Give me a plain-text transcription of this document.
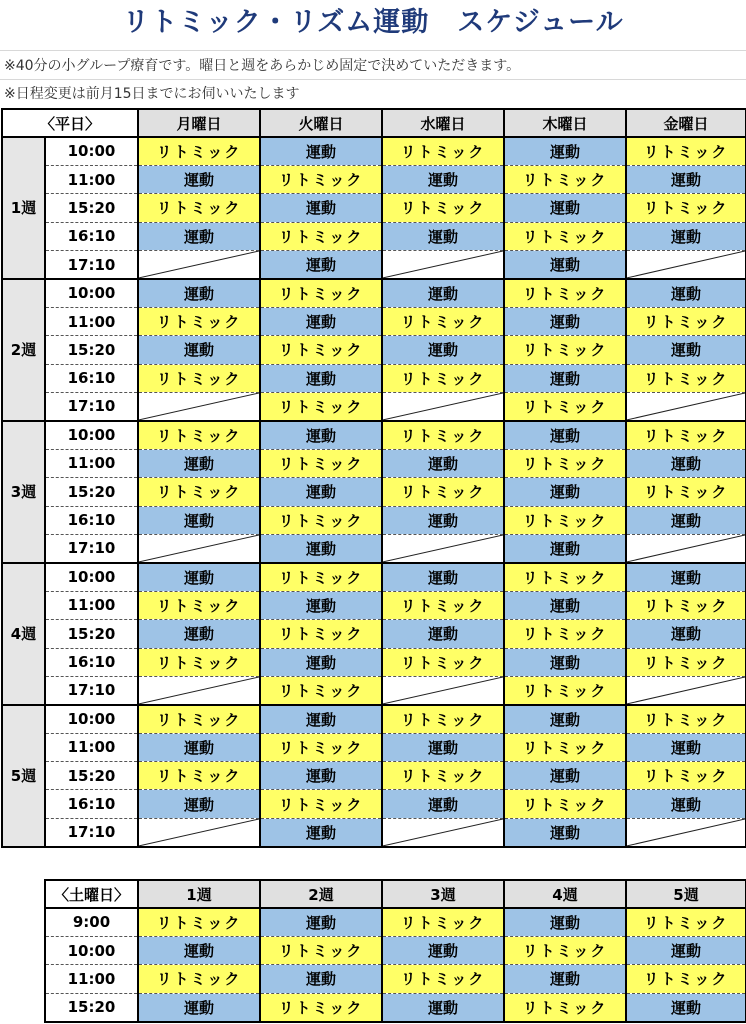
リトミック・リズム運動　スケジュール
※40分の小グループ療育です。曜日と週をあらかじめ固定で決めていただきます。
※日程変更は前月15日までにお伺いいたします
〈平日〉		月曜日	火曜日	水曜日	木曜日	金曜日
1週	10:00	リトミック	運動	リトミック	運動	リトミック
	11:00	運動	リトミック	運動	リトミック	運動
	15:20	リトミック	運動	リトミック	運動	リトミック
	16:10	運動	リトミック	運動	リトミック	運動
	17:10		運動		運動	

2週	10:00	運動	リトミック	運動	リトミック	運動
	11:00	リトミック	運動	リトミック	運動	リトミック
	15:20	運動	リトミック	運動	リトミック	運動
	16:10	リトミック	運動	リトミック	運動	リトミック
	17:10		リトミック		リトミック	

3週	10:00	リトミック	運動	リトミック	運動	リトミック
	11:00	運動	リトミック	運動	リトミック	運動
	15:20	リトミック	運動	リトミック	運動	リトミック
	16:10	運動	リトミック	運動	リトミック	運動
	17:10		運動		運動	

4週	10:00	運動	リトミック	運動	リトミック	運動
	11:00	リトミック	運動	リトミック	運動	リトミック
	15:20	運動	リトミック	運動	リトミック	運動
	16:10	リトミック	運動	リトミック	運動	リトミック
	17:10		リトミック		リトミック	

5週	10:00	リトミック	運動	リトミック	運動	リトミック
	11:00	運動	リトミック	運動	リトミック	運動
	15:20	リトミック	運動	リトミック	運動	リトミック
	16:10	運動	リトミック	運動	リトミック	運動
	17:10		運動		運動	
〈土曜日〉	1週	2週	3週	4週	5週
9:00	リトミック	運動	リトミック	運動	リトミック
10:00	運動	リトミック	運動	リトミック	運動
11:00	リトミック	運動	リトミック	運動	リトミック
15:20	運動	リトミック	運動	リトミック	運動
